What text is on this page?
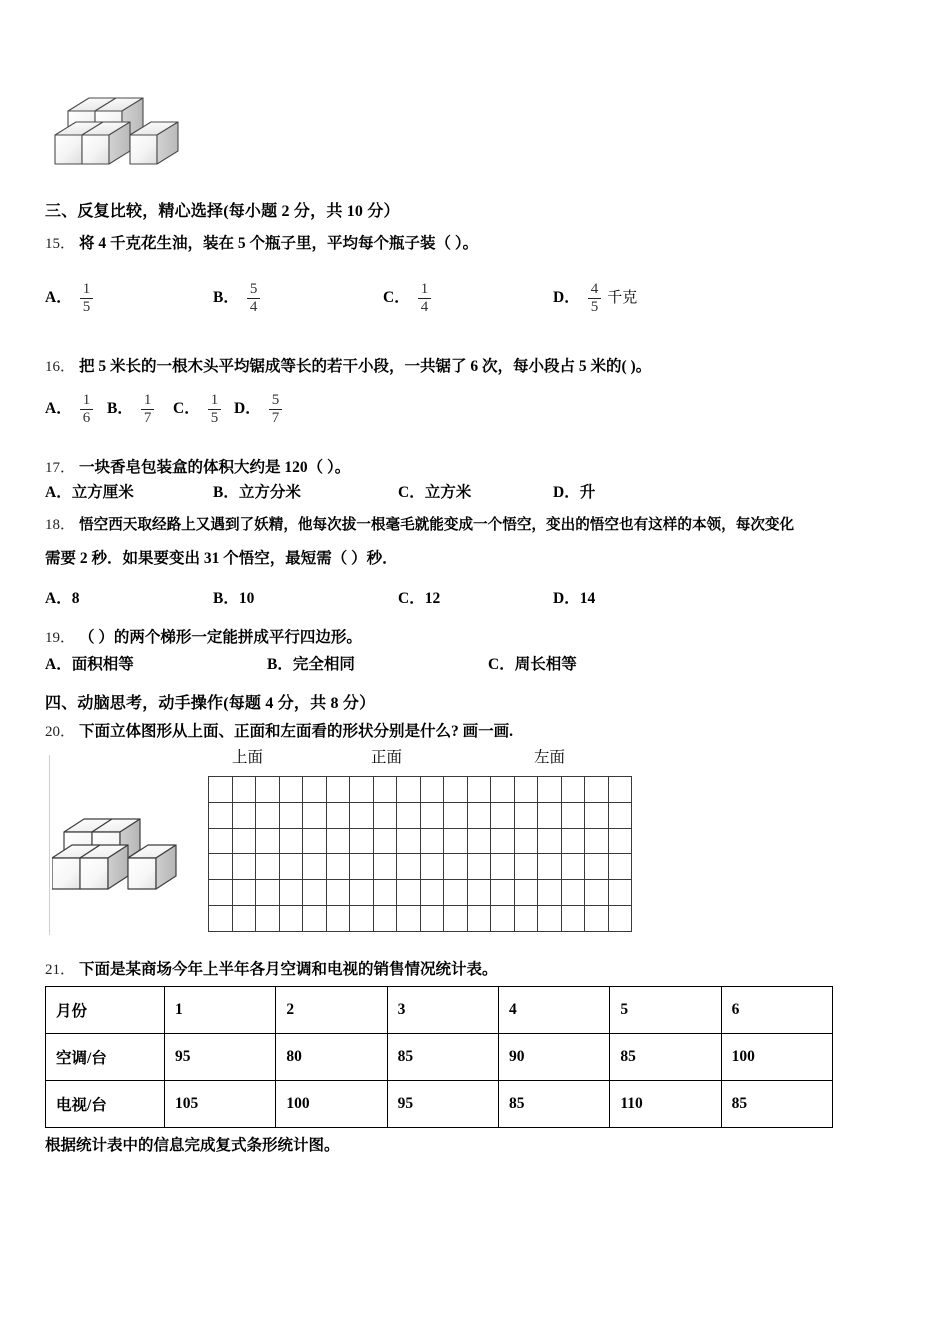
三、反复比较，精心选择(每小题 2 分，共 10 分）
15． 将 4 千克花生油，装在 5 个瓶子里，平均每个瓶子装（ ）。
A． $\frac{1}{5}$	B． $\frac{5}{4}$	C． $\frac{1}{4}$	D． $\frac{4}{5}$ 千克
16． 把 5 米长的一根木头平均锯成等长的若干小段，一共锯了 6 次，每小段占 5 米的( )。
A． $\frac{1}{6}$ B． $\frac{1}{7}$ C． $\frac{1}{5}$ D． $\frac{5}{7}$
17． 一块香皂包装盒的体积大约是 120（ ）。
A．立方厘米	B．立方分米	C．立方米	D．升
18． 悟空西天取经路上又遇到了妖精，他每次拔一根毫毛就能变成一个悟空，变出的悟空也有这样的本领，每次变化
需要 2 秒．如果要变出 31 个悟空，最短需（ ）秒．
A．8	B．10	C．12	D．14
19． （ ）的两个梯形一定能拼成平行四边形。
A．面积相等	B．完全相同	C．周长相等
四、动脑思考，动手操作(每题 4 分，共 8 分）
20． 下面立体图形从上面、正面和左面看的形状分别是什么? 画一画.
上面	正面	左面

21． 下面是某商场今年上半年各月空调和电视的销售情况统计表。
月份	1	2	3	4	5	6
空调/台	95	80	85	90	85	100
电视/台	105	100	95	85	110	85
根据统计表中的信息完成复式条形统计图。
